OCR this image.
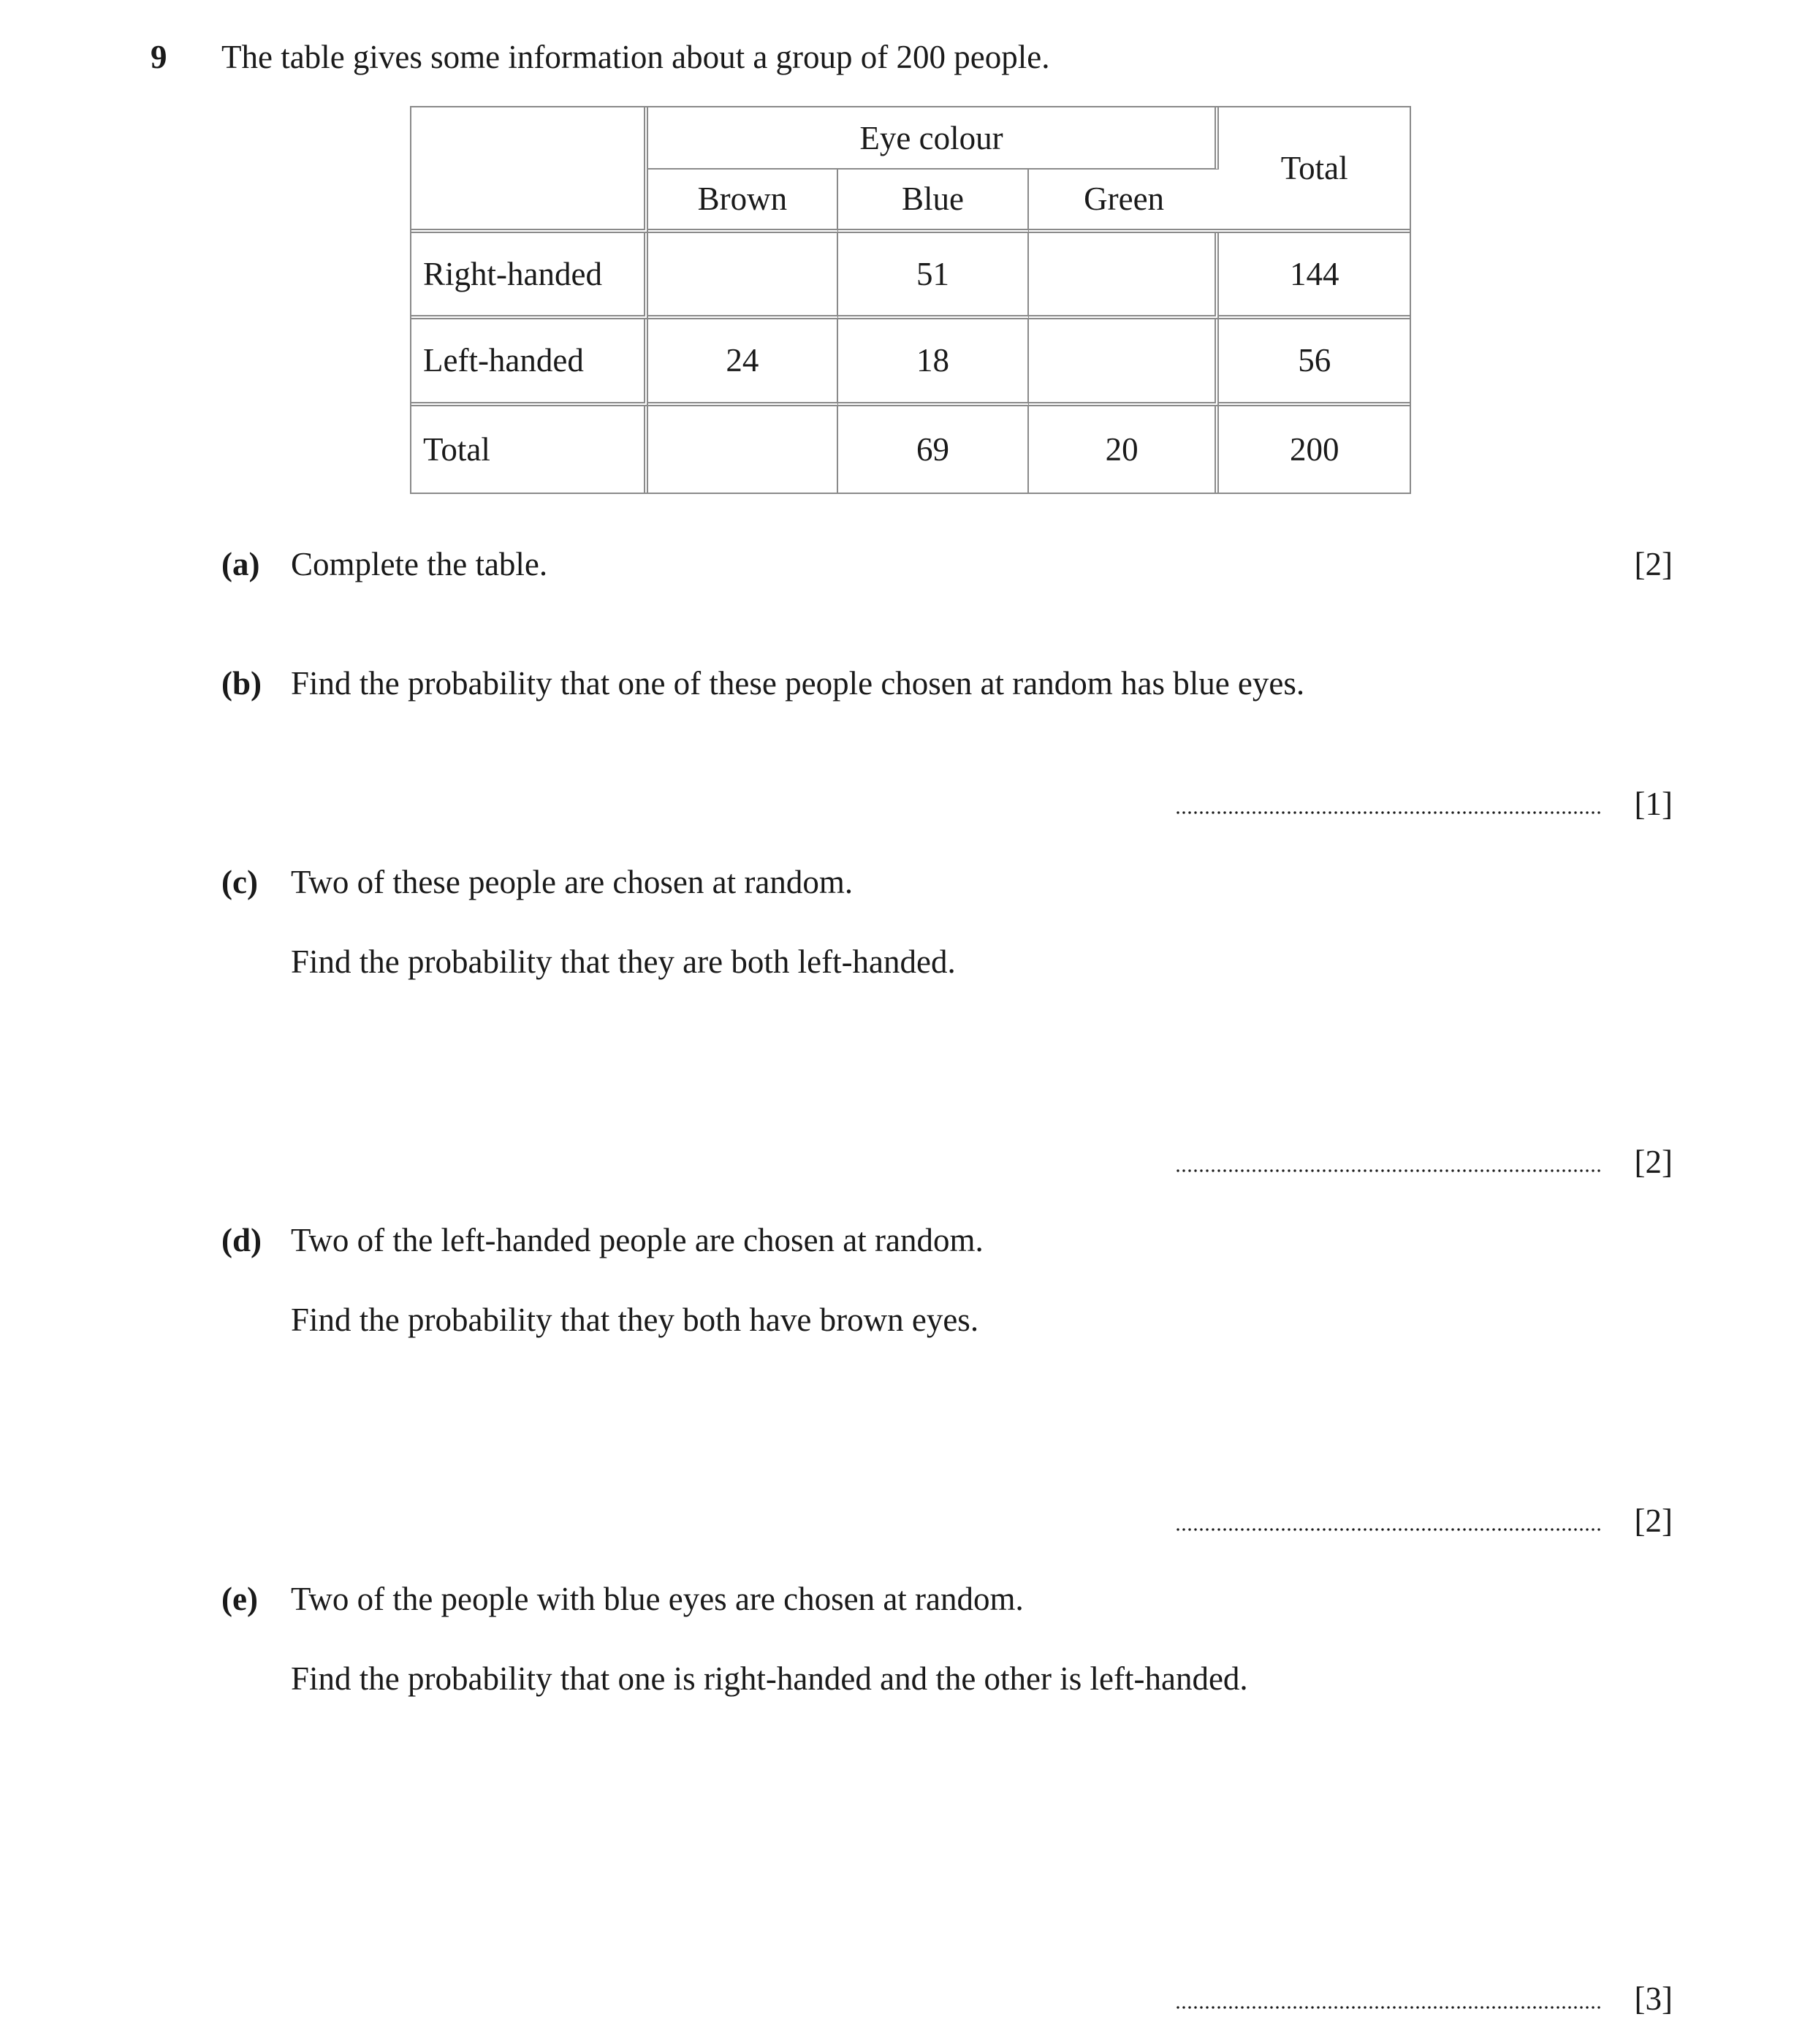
9 The table gives some information about a group of 200 people.
	Eye colour			Total
	Brown	Blue	Green	
Right-handed		51		144
Left-handed	24	18		56
Total		69	20	200
(a) Complete the table.	[2]
(b) Find the probability that one of these people chosen at random has blue eyes.
[1]
(c) Two of these people are chosen at random.
Find the probability that they are both left-handed.
[2]
(d) Two of the left-handed people are chosen at random.
Find the probability that they both have brown eyes.
[2]
(e) Two of the people with blue eyes are chosen at random.
Find the probability that one is right-handed and the other is left-handed.
[3]
